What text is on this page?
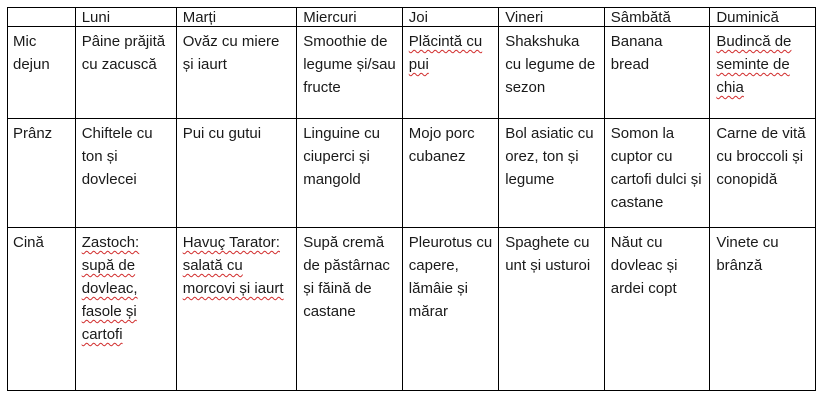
	Luni	Marți	Miercuri	Joi	Vineri	Sâmbătă	Duminică
Mic dejun	Pâine prăjită cu zacuscă	Ovăz cu miere și iaurt	Smoothie de legume și/sau fructe	Plăcintă cu pui	Shakshuka cu legume de sezon	Banana bread	Budincă de seminte de chia
Prânz	Chiftele cu ton și dovlecei	Pui cu gutui	Linguine cu ciuperci și mangold	Mojo porc cubanez	Bol asiatic cu orez, ton și legume	Somon la cuptor cu cartofi dulci și castane	Carne de vită cu broccoli și conopidă
Cină	Zastoch: supă de dovleac, fasole și cartofi	Havuç Tarator: salată cu morcovi și iaurt	Supă cremă de păstârnac și făină de castane	Pleurotus cu capere, lămâie și mărar	Spaghete cu unt și usturoi	Năut cu dovleac și ardei copt	Vinete cu brânză
